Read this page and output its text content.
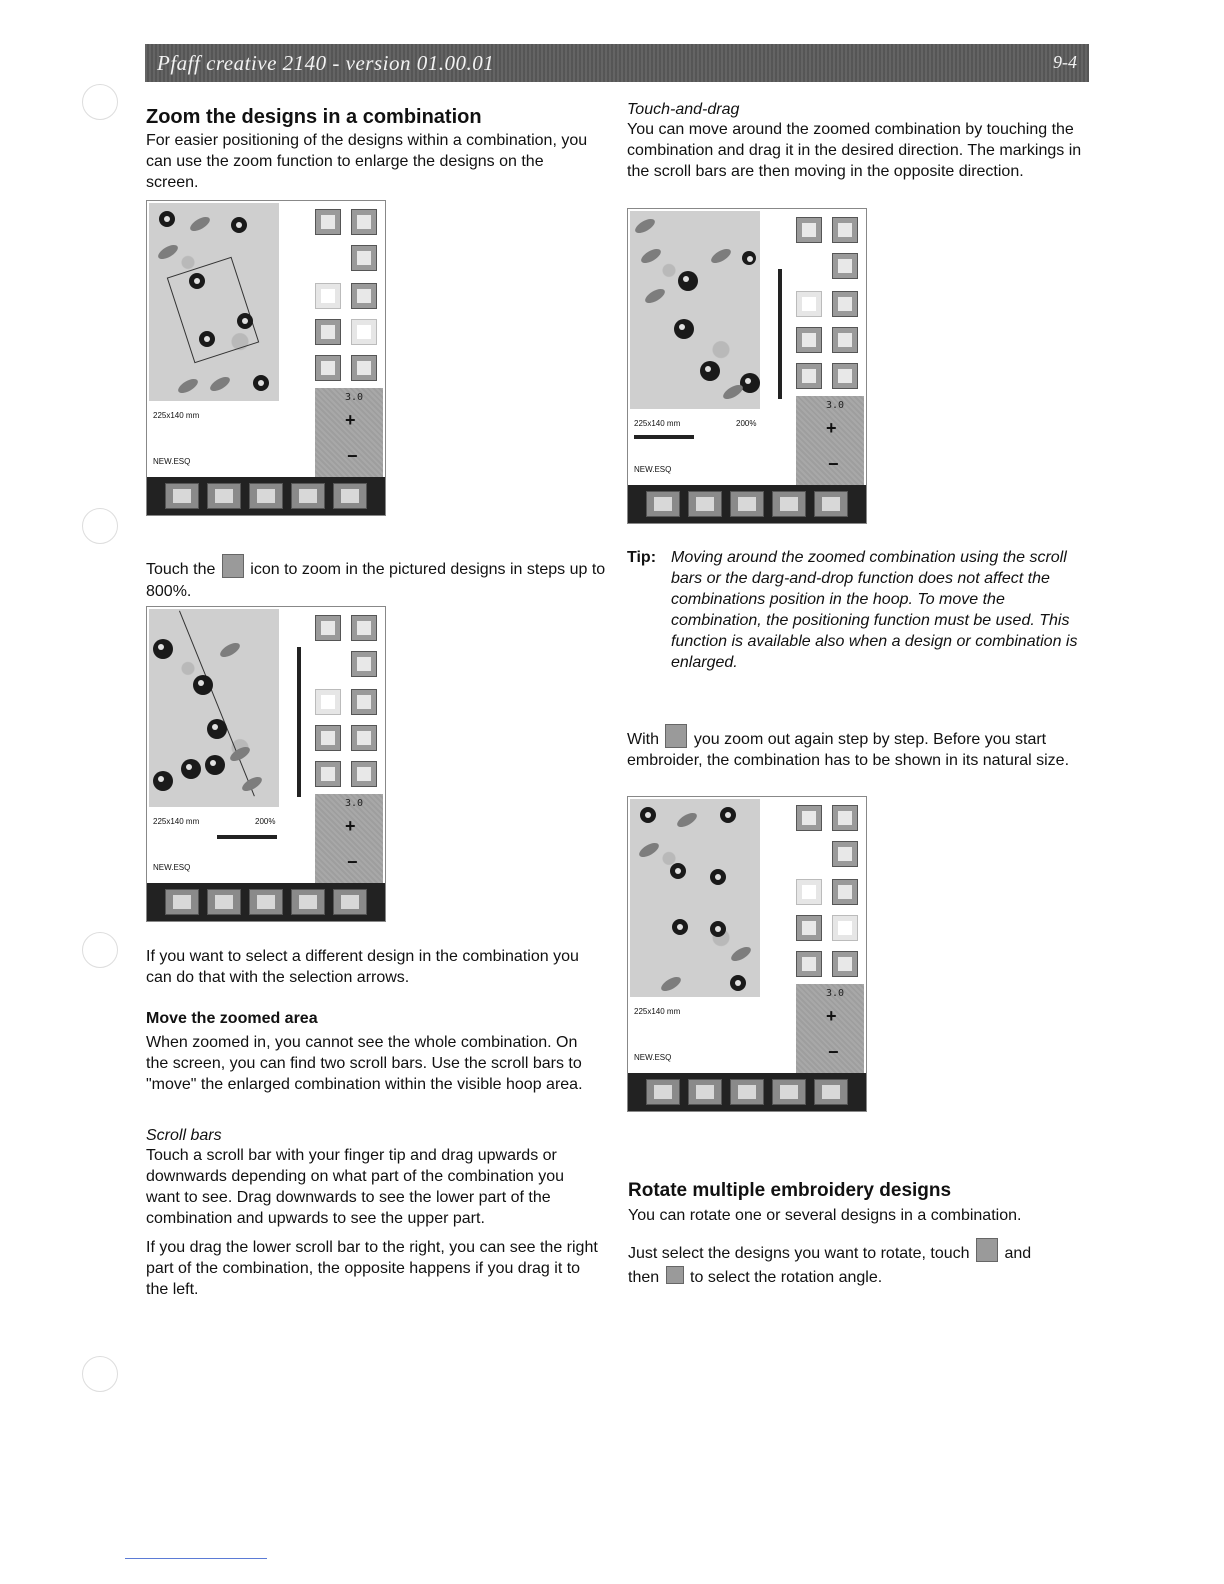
Pfaff creative 2140 - version 01.00.01	9-4
Zoom the designs in a combination

For easier positioning of the designs within a combination, you can use the zoom function to enlarge the designs on the screen.

3.0
+
−
225x140 mm
NEW.ESQ

Touch the icon to zoom in the pictured designs in steps up to 800%.

3.0
+
−
225x140 mm	200%
NEW.ESQ

If you want to select a different design in the combination you can do that with the selection arrows.

Move the zoomed area

When zoomed in, you cannot see the whole combination. On the screen, you can find two scroll bars. Use the scroll bars to "move" the enlarged combination within the visible hoop area.

Scroll bars

Touch a scroll bar with your finger tip and drag upwards or downwards depending on what part of the combination you want to see. Drag downwards to see the lower part of the combination and upwards to see the upper part.

If you drag the lower scroll bar to the right, you can see the right part of the combination, the opposite happens if you drag it to the left.

Touch-and-drag

You can move around the zoomed combination by touching the combination and drag it in the desired direction. The markings in the scroll bars are then moving in the opposite direction.

3.0
+
−
225x140 mm	200%
NEW.ESQ

Tip: Moving around the zoomed combination using the scroll bars or the darg-and-drop function does not affect the combinations position in the hoop. To move the combination, the positioning function must be used. This function is available also when a design or combination is enlarged.

With you zoom out again step by step. Before you start embroider, the combination has to be shown in its natural size.

3.0
+
−
225x140 mm
NEW.ESQ
Rotate multiple embroidery designs

You can rotate one or several designs in a combination.

Just select the designs you want to rotate, touch and
then to select the rotation angle.
